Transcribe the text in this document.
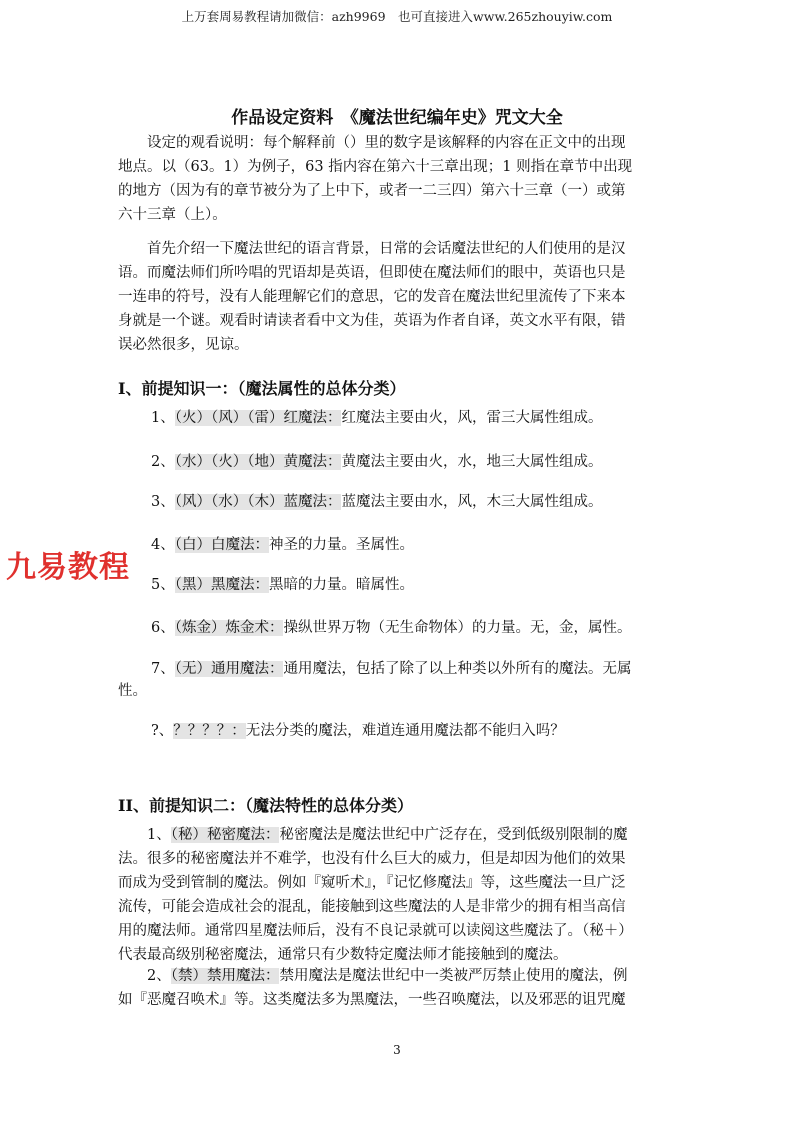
上万套周易教程请加微信：azh9969　也可直接进入www.265zhouyiw.com
作品设定资料　《魔法世纪编年史》咒文大全
　　设定的观看说明：每个解释前（）里的数字是该解释的内容在正文中的出现
地点。以（63。1）为例子，63 指内容在第六十三章出现；1 则指在章节中出现
的地方（因为有的章节被分为了上中下，或者一二三四）第六十三章（一）或第
六十三章（上）。
　　首先介绍一下魔法世纪的语言背景，日常的会话魔法世纪的人们使用的是汉
语。而魔法师们所吟唱的咒语却是英语，但即使在魔法师们的眼中，英语也只是
一连串的符号，没有人能理解它们的意思，它的发音在魔法世纪里流传了下来本
身就是一个谜。观看时请读者看中文为佳，英语为作者自译，英文水平有限，错
误必然很多，见谅。
I、前提知识一：（魔法属性的总体分类）
1、（火）（风）（雷）红魔法：红魔法主要由火，风，雷三大属性组成。
2、（水）（火）（地）黄魔法：黄魔法主要由火，水，地三大属性组成。
3、（风）（水）（木）蓝魔法：蓝魔法主要由水，风，木三大属性组成。
4、（白）白魔法：神圣的力量。圣属性。
5、（黑）黑魔法：黑暗的力量。暗属性。
6、（炼金）炼金术：操纵世界万物（无生命物体）的力量。无，金，属性。
7、（无）通用魔法：通用魔法，包括了除了以上种类以外所有的魔法。无属
性。
?、？？？？：无法分类的魔法，难道连通用魔法都不能归入吗？
II、前提知识二：（魔法特性的总体分类）
　　1、（秘）秘密魔法：秘密魔法是魔法世纪中广泛存在，受到低级别限制的魔
法。很多的秘密魔法并不难学，也没有什么巨大的威力，但是却因为他们的效果
而成为受到管制的魔法。例如『窥听术』，『记忆修魔法』等，这些魔法一旦广泛
流传，可能会造成社会的混乱，能接触到这些魔法的人是非常少的拥有相当高信
用的魔法师。通常四星魔法师后，没有不良记录就可以读阅这些魔法了。（秘＋）
代表最高级别秘密魔法，通常只有少数特定魔法师才能接触到的魔法。
　　2、（禁）禁用魔法：禁用魔法是魔法世纪中一类被严厉禁止使用的魔法，例
如『恶魔召唤术』等。这类魔法多为黑魔法，一些召唤魔法，以及邪恶的诅咒魔
九易教程
3
